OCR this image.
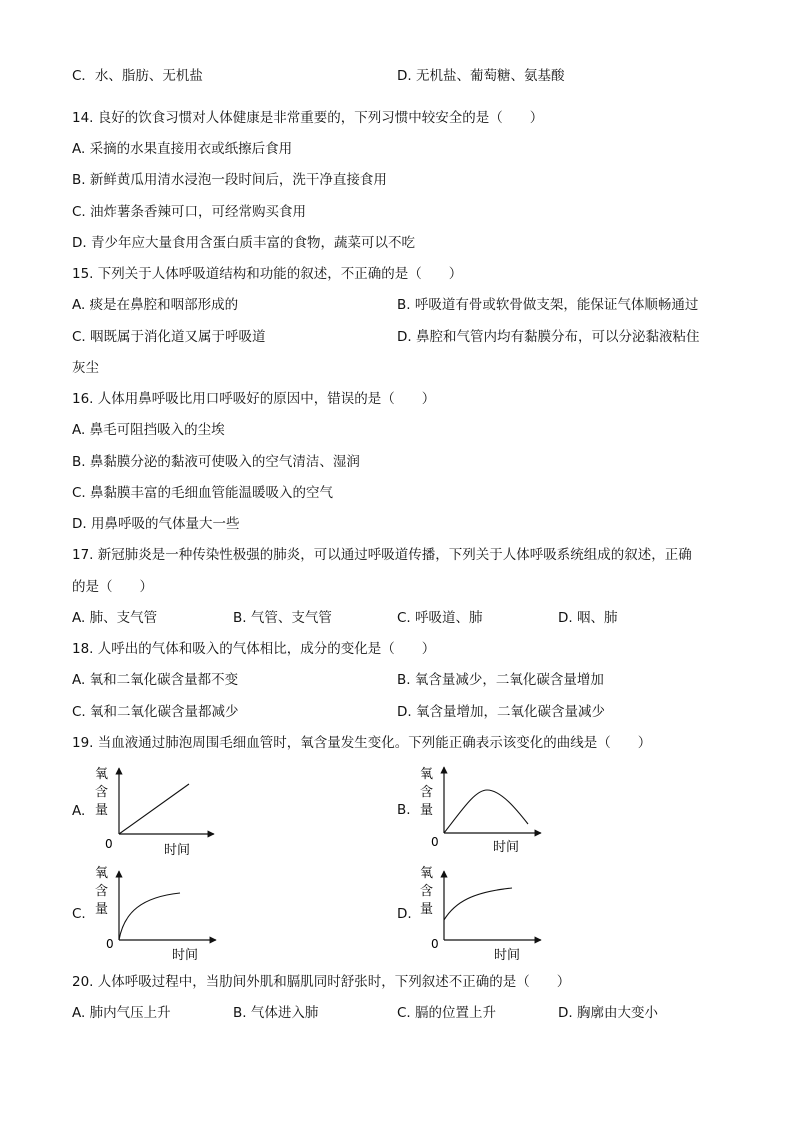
C．水、脂肪、无机盐	D. 无机盐、葡萄糖、氨基酸
14. 良好的饮食习惯对人体健康是非常重要的，下列习惯中较安全的是（　　）
A. 采摘的水果直接用衣或纸擦后食用
B. 新鲜黄瓜用清水浸泡一段时间后，洗干净直接食用
C. 油炸薯条香辣可口，可经常购买食用
D. 青少年应大量食用含蛋白质丰富的食物，蔬菜可以不吃
15. 下列关于人体呼吸道结构和功能的叙述，不正确的是（　　）
A. 痰是在鼻腔和咽部形成的	B. 呼吸道有骨或软骨做支架，能保证气体顺畅通过
C. 咽既属于消化道又属于呼吸道	D. 鼻腔和气管内均有黏膜分布，可以分泌黏液粘住
灰尘
16. 人体用鼻呼吸比用口呼吸好的原因中，错误的是（　　）
A. 鼻毛可阻挡吸入的尘埃
B. 鼻黏膜分泌的黏液可使吸入的空气清洁、湿润
C. 鼻黏膜丰富的毛细血管能温暖吸入的空气
D. 用鼻呼吸的气体量大一些
17. 新冠肺炎是一种传染性极强的肺炎，可以通过呼吸道传播，下列关于人体呼吸系统组成的叙述，正确
的是（　　）
A. 肺、支气管	B. 气管、支气管	C. 呼吸道、肺	D. 咽、肺
18. 人呼出的气体和吸入的气体相比，成分的变化是（　　）
A. 氧和二氧化碳含量都不变	B. 氧含量减少，二氧化碳含量增加
C. 氧和二氧化碳含量都减少	D. 氧含量增加，二氧化碳含量减少
19. 当血液通过肺泡周围毛细血管时，氧含量发生变化。下列能正确表示该变化的曲线是（　　）
A.	B.
C.	D.
氧
含
量
0	时间
氧
含
量
0	时间
氧
含
量
0
时间
氧
含
量
0
时间
20. 人体呼吸过程中，当肋间外肌和膈肌同时舒张时，下列叙述不正确的是（　　）
A. 肺内气压上升	B. 气体进入肺	C. 膈的位置上升	D. 胸廓由大变小
